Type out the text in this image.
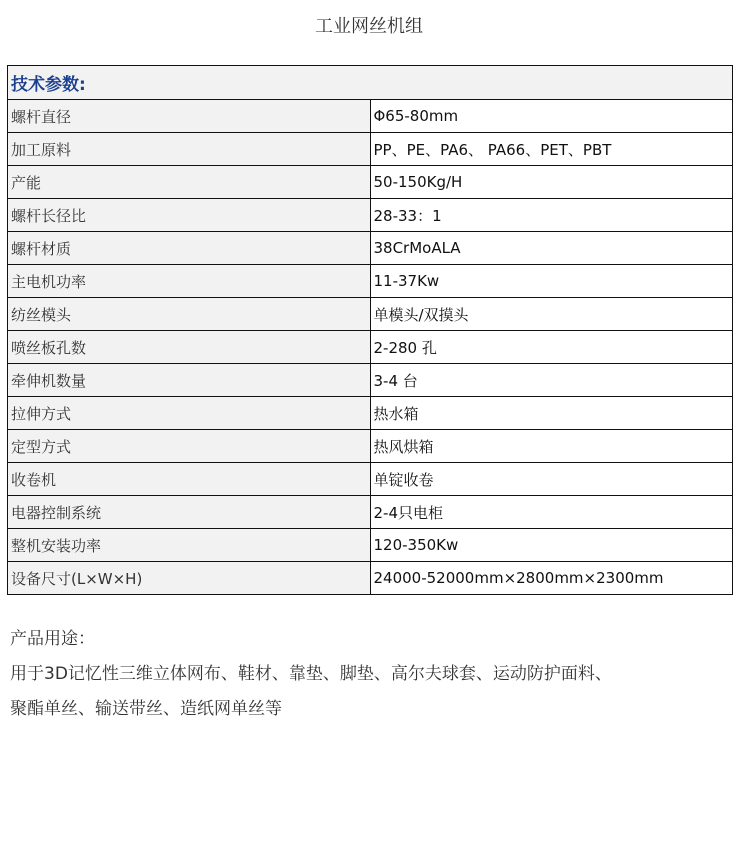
工业网丝机组
技术参数:	
螺杆直径	Φ65-80mm
加工原料	PP、PE、PA6、 PA66、PET、PBT
产能	50-150Kg/H
螺杆长径比	28-33：1
螺杆材质	38CrMoALA
主电机功率	11-37Kw
纺丝模头	单模头/双摸头
喷丝板孔数	2-280 孔
牵伸机数量	3-4 台
拉伸方式	热水箱
定型方式	热风烘箱
收卷机	单锭收卷
电器控制系统	2-4只电柜
整机安装功率	120-350Kw
设备尺寸(L×W×H)	24000-52000mm×2800mm×2300mm
产品用途：
用于3D记忆性三维立体网布、鞋材、靠垫、脚垫、高尔夫球套、运动防护面料、
聚酯单丝、输送带丝、造纸网单丝等
